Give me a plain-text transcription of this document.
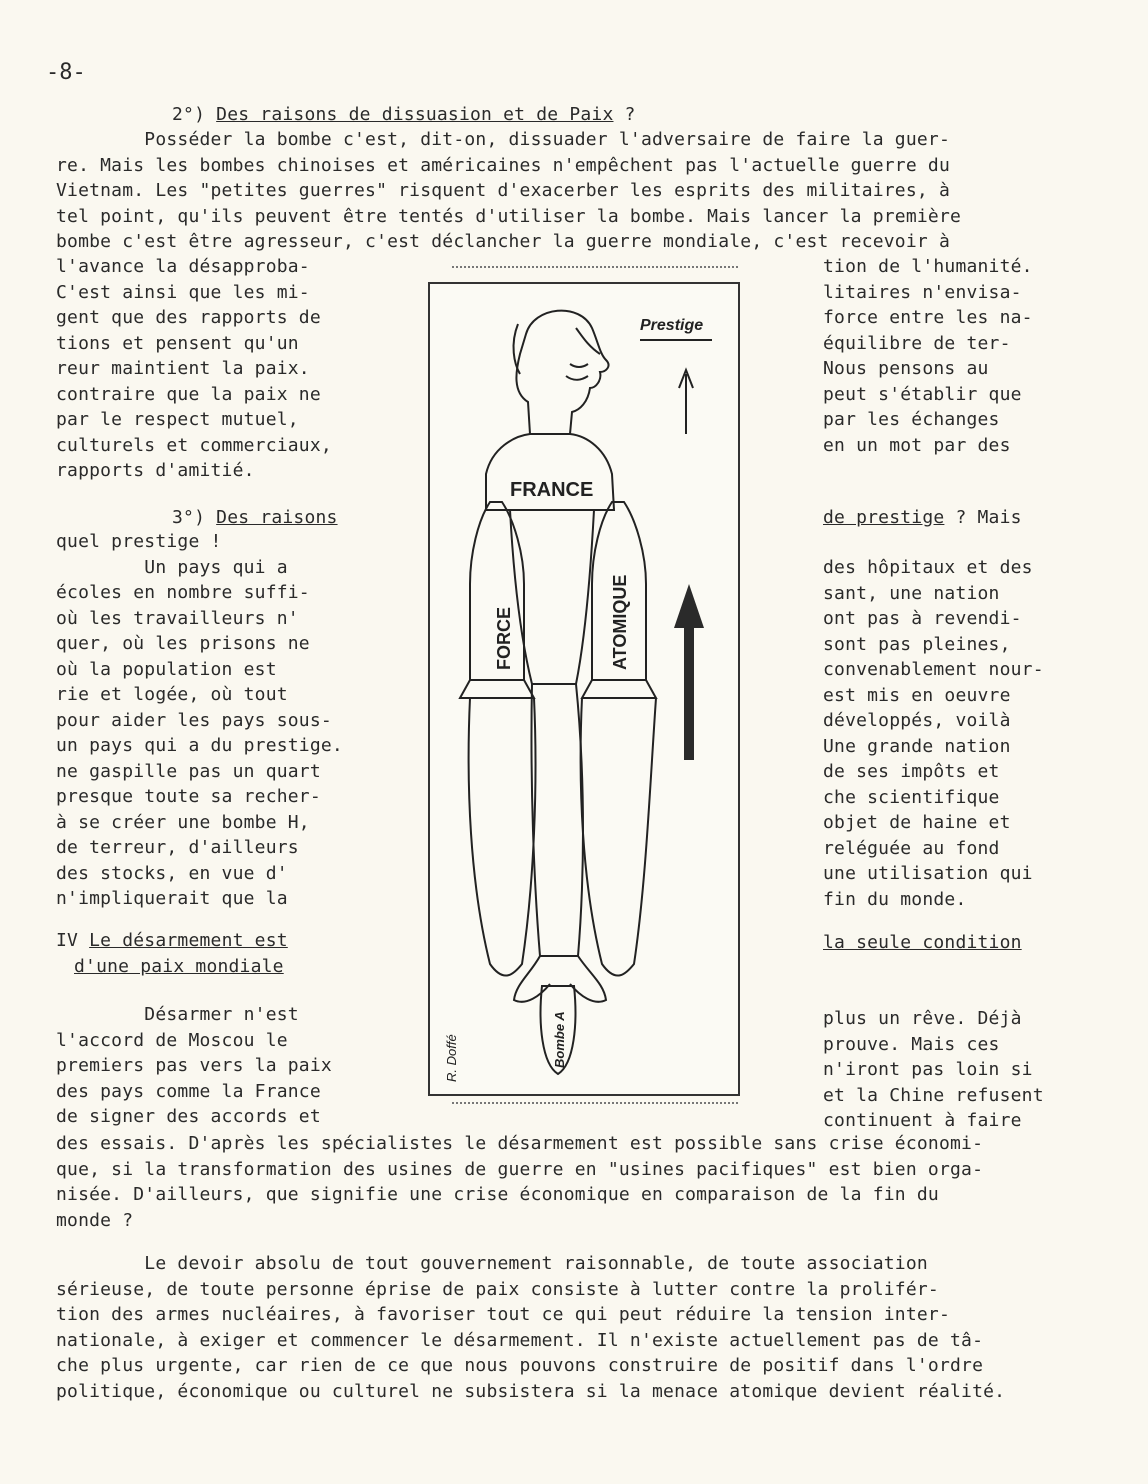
-8-
2°) Des raisons de dissuasion et de Paix ?
Posséder la bombe c'est, dit-on, dissuader l'adversaire de faire la guer-
re. Mais les bombes chinoises et américaines n'empêchent pas l'actuelle guerre du
Vietnam. Les "petites guerres" risquent d'exacerber les esprits des militaires, à
tel point, qu'ils peuvent être tentés d'utiliser la bombe. Mais lancer la première
bombe c'est être agresseur, c'est déclancher la guerre mondiale, c'est recevoir à
l'avance la désapproba-
C'est ainsi que les mi-
gent que des rapports de
tions et pensent qu'un
reur maintient la paix.
contraire que la paix ne
par le respect mutuel,
culturels et commerciaux,
rapports d'amitié.
tion de l'humanité.
litaires n'envisa-
force entre les na-
équilibre de ter-
Nous pensons au
peut s'établir que
par les échanges
en un mot par des
3°) Des raisons	de prestige ? Mais
quel prestige !
Un pays qui a
écoles en nombre suffi-
où les travailleurs n'
quer, où les prisons ne
où la population est
rie et logée, où tout
pour aider les pays sous-
un pays qui a du prestige.
ne gaspille pas un quart
presque toute sa recher-
à se créer une bombe H,
de terreur, d'ailleurs
des stocks, en vue d'
n'impliquerait que la
des hôpitaux et des
sant, une nation
ont pas à revendi-
sont pas pleines,
convenablement nour-
est mis en oeuvre
développés, voilà
Une grande nation
de ses impôts et
che scientifique
objet de haine et
reléguée au fond
une utilisation qui
fin du monde.
IV Le désarmement est
d'une paix mondiale
la seule condition
Désarmer n'est
l'accord de Moscou le
premiers pas vers la paix
des pays comme la France
de signer des accords et
plus un rêve. Déjà
prouve. Mais ces
n'iront pas loin si
et la Chine refusent
continuent à faire
des essais. D'après les spécialistes le désarmement est possible sans crise économi-
que, si la transformation des usines de guerre en "usines pacifiques" est bien orga-
nisée. D'ailleurs, que signifie une crise économique en comparaison de la fin du
monde ?
Le devoir absolu de tout gouvernement raisonnable, de toute association
sérieuse, de toute personne éprise de paix consiste à lutter contre la prolifér-
tion des armes nucléaires, à favoriser tout ce qui peut réduire la tension inter-
nationale, à exiger et commencer le désarmement. Il n'existe actuellement pas de tâ-
che plus urgente, car rien de ce que nous pouvons construire de positif dans l'ordre
politique, économique ou culturel ne subsistera si la menace atomique devient réalité.
Prestige
FRANCE
FORCE	ATOMIQUE
Bombe A
R. Doffé
